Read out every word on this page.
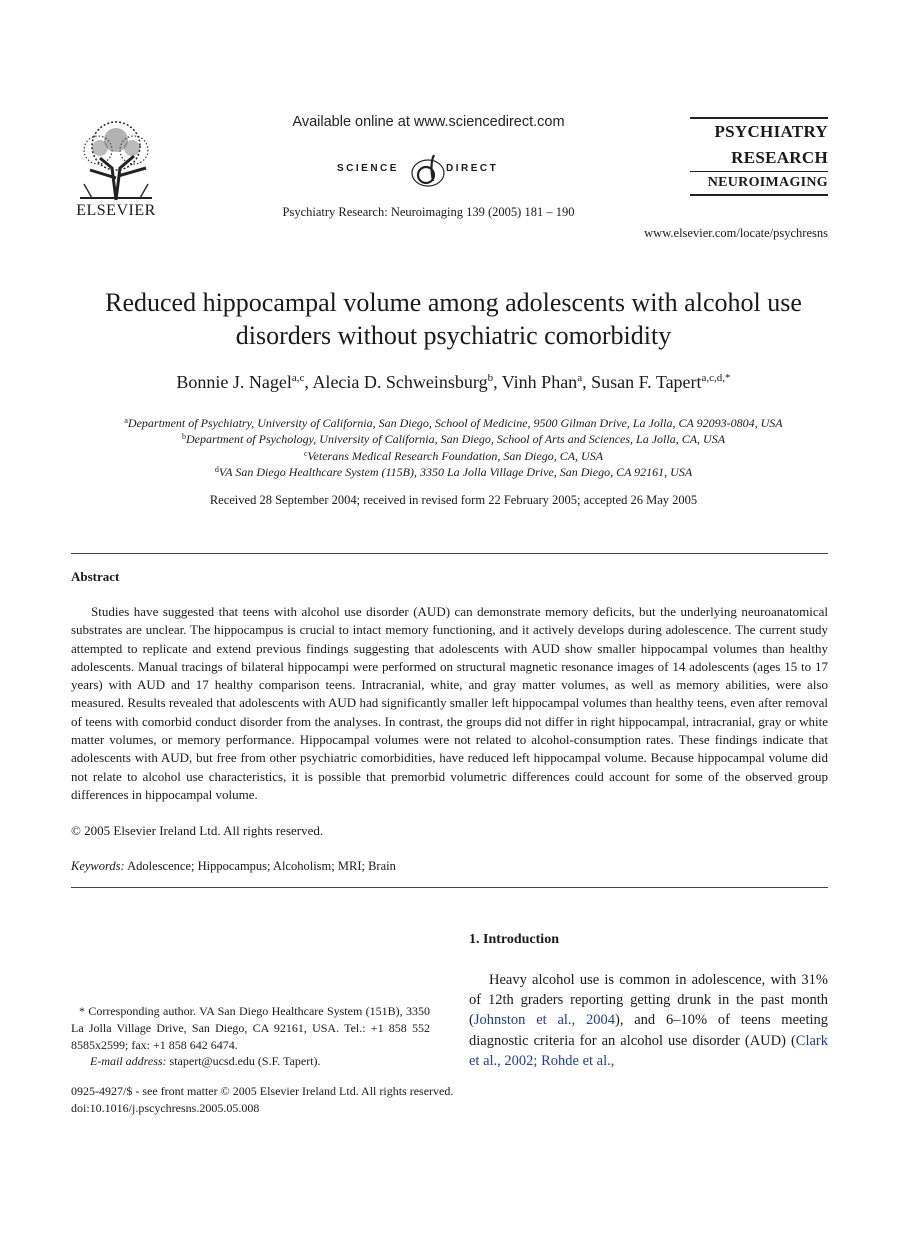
ELSEVIER
Available online at www.sciencedirect.com
SCIENCE	DIRECT
Psychiatry Research: Neuroimaging 139 (2005) 181 – 190
PSYCHIATRY
RESEARCH
NEUROIMAGING
www.elsevier.com/locate/psychresns
Reduced hippocampal volume among adolescents with alcohol use
disorders without psychiatric comorbidity
Bonnie J. Nagel$^{a,c}$, Alecia D. Schweinsburg$^b$, Vinh Phan$^a$, Susan F. Tapert$^{a,c,d,*}$
$^a$Department of Psychiatry, University of California, San Diego, School of Medicine, 9500 Gilman Drive, La Jolla, CA 92093-0804, USA
$^b$Department of Psychology, University of California, San Diego, School of Arts and Sciences, La Jolla, CA, USA
$^c$Veterans Medical Research Foundation, San Diego, CA, USA
$^d$VA San Diego Healthcare System (115B), 3350 La Jolla Village Drive, San Diego, CA 92161, USA
Received 28 September 2004; received in revised form 22 February 2005; accepted 26 May 2005
Abstract
Studies have suggested that teens with alcohol use disorder (AUD) can demonstrate memory deficits, but the underlying neuroanatomical substrates are unclear. The hippocampus is crucial to intact memory functioning, and it actively develops during adolescence. The current study attempted to replicate and extend previous findings suggesting that adolescents with AUD show smaller hippocampal volumes than healthy adolescents. Manual tracings of bilateral hippocampi were performed on structural magnetic resonance images of 14 adolescents (ages 15 to 17 years) with AUD and 17 healthy comparison teens. Intracranial, white, and gray matter volumes, as well as memory abilities, were also measured. Results revealed that adolescents with AUD had significantly smaller left hippocampal volumes than healthy teens, even after removal of teens with comorbid conduct disorder from the analyses. In contrast, the groups did not differ in right hippocampal, intracranial, gray or white matter volumes, or memory performance. Hippocampal volumes were not related to alcohol-consumption rates. These findings indicate that adolescents with AUD, but free from other psychiatric comorbidities, have reduced left hippocampal volume. Because hippocampal volume did not relate to alcohol use characteristics, it is possible that premorbid volumetric differences could account for some of the observed group differences in hippocampal volume.
© 2005 Elsevier Ireland Ltd. All rights reserved.
Keywords: Adolescence; Hippocampus; Alcoholism; MRI; Brain
1. Introduction
Heavy alcohol use is common in adolescence, with 31% of 12th graders reporting getting drunk in the past month (Johnston et al., 2004), and 6–10% of teens meeting diagnostic criteria for an alcohol use disorder (AUD) (Clark et al., 2002; Rohde et al.,
* Corresponding author. VA San Diego Healthcare System (151B), 3350 La Jolla Village Drive, San Diego, CA 92161, USA. Tel.: +1 858 552 8585x2599; fax: +1 858 642 6474.
E-mail address: stapert@ucsd.edu (S.F. Tapert).
0925-4927/$ - see front matter © 2005 Elsevier Ireland Ltd. All rights reserved.
doi:10.1016/j.pscychresns.2005.05.008
